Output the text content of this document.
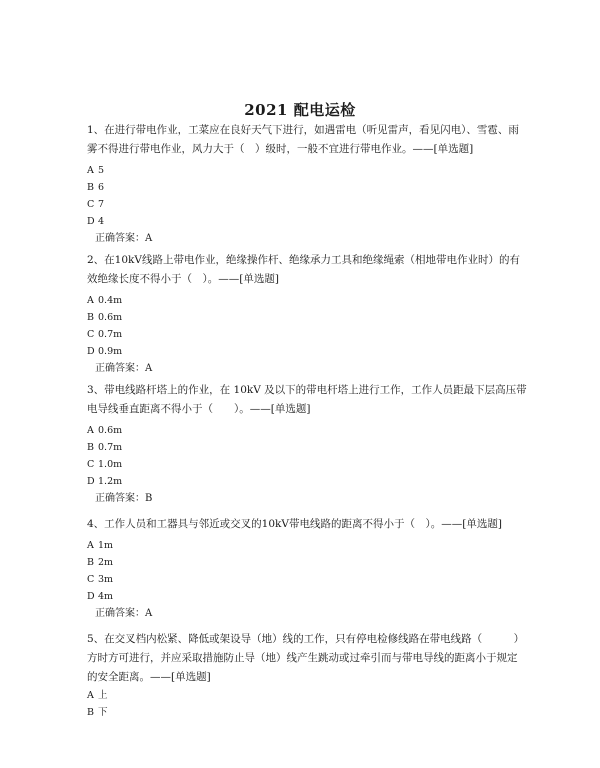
2021 配电运检
1、在进行带电作业，工菜应在良好天气下进行，如遇雷电（听见雷声，看见闪电）、雪雹、雨雾不得进行带电作业，风力大于（　）级时，一般不宜进行带电作业。——[单选题]
A 5
B 6
C 7
D 4
正确答案：A
2、在10kV线路上带电作业，绝缘操作杆、绝缘承力工具和绝缘绳索（相地带电作业时）的有效绝缘长度不得小于（　）。——[单选题]
A 0.4m
B 0.6m
C 0.7m
D 0.9m
正确答案：A
3、带电线路杆塔上的作业，在 10kV 及以下的带电杆塔上进行工作，工作人员距最下层高压带电导线垂直距离不得小于（　　）。——[单选题]
A 0.6m
B 0.7m
C 1.0m
D 1.2m
正确答案：B
4、工作人员和工器具与邻近或交叉的10kV带电线路的距离不得小于（　）。——[单选题]
A 1m
B 2m
C 3m
D 4m
正确答案：A
5、在交叉档内松紧、降低或架设导（地）线的工作，只有停电检修线路在带电线路（　　　）方时方可进行，并应采取措施防止导（地）线产生跳动或过牵引而与带电导线的距离小于规定的安全距离。——[单选题]
A 上
B 下
